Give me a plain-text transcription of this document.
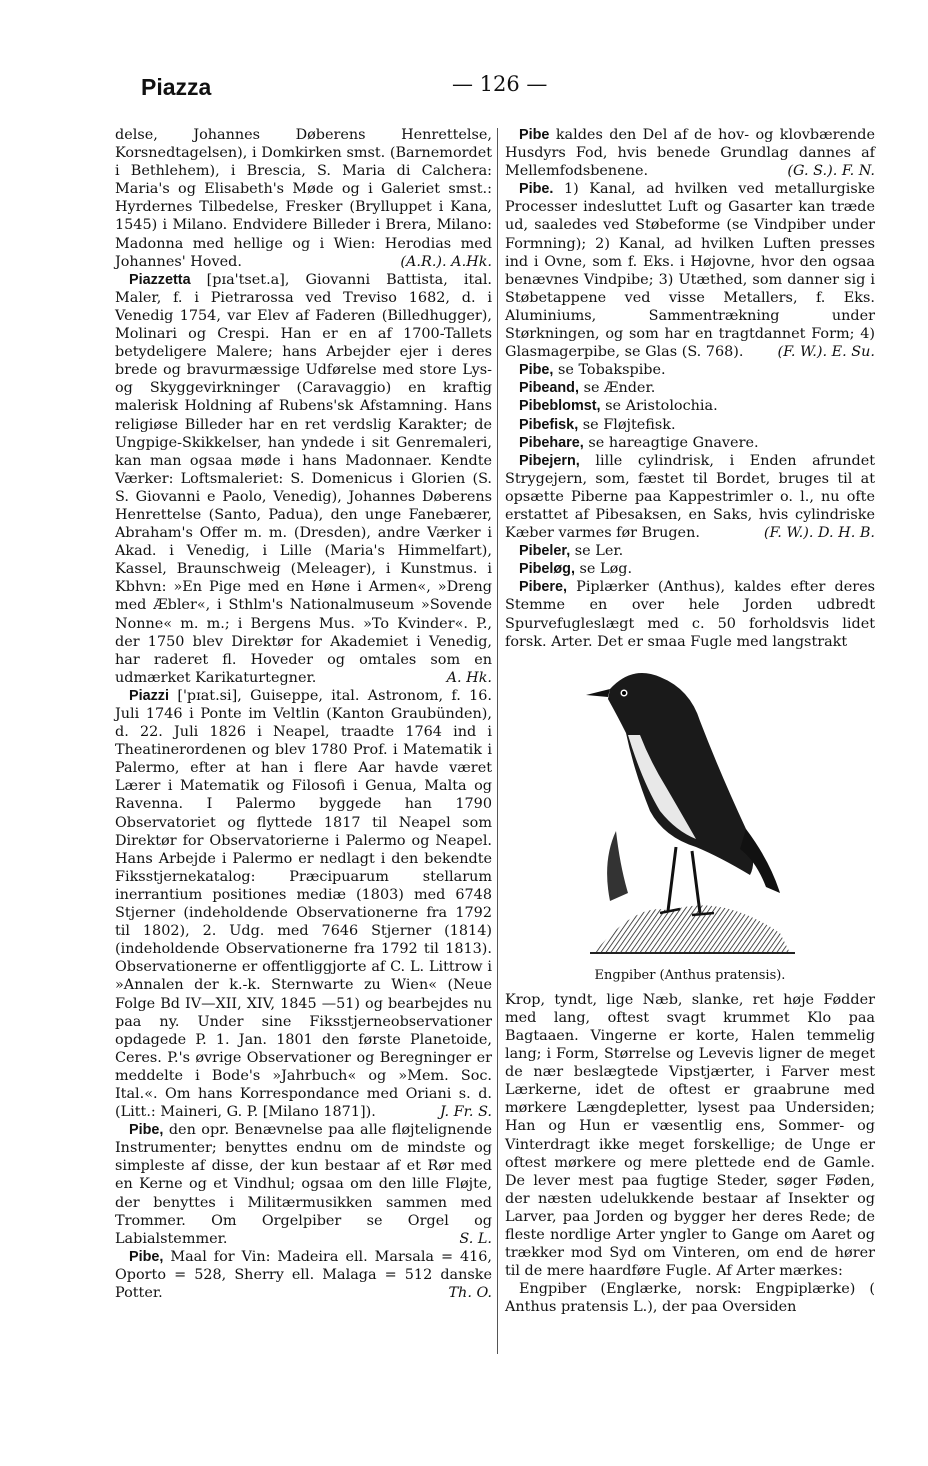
Piazza	— 126 —

delse, Johannes Døberens Henrettelse, Korsnedtagelsen), i Domkirken smst. (Barnemordet i Bethlehem), i Brescia, S. Maria di Calchera: Maria's og Elisabeth's Møde og i Galeriet smst.: Hyrdernes Tilbedelse, Fresker (Brylluppet i Kana, 1545) i Milano. Endvidere Billeder i Brera, Milano: Madonna med hellige og i Wien: Herodias med Johannes' Hoved.	(A.R.). A.Hk.

Piazzetta [pɪa'tset.a], Giovanni Battista, ital. Maler, f. i Pietrarossa ved Treviso 1682, d. i Venedig 1754, var Elev af Faderen (Billedhugger), Molinari og Crespi. Han er en af 1700-Tallets betydeligere Malere; hans Arbejder ejer i deres brede og bravurmæssige Udførelse med store Lys- og Skyggevirkninger (Caravaggio) en kraftig malerisk Holdning af Rubens'sk Afstamning. Hans religiøse Billeder har en ret verdslig Karakter; de Ungpige-Skikkelser, han yndede i sit Genremaleri, kan man ogsaa møde i hans Madonnaer. Kendte Værker: Loftsmaleriet: S. Domenicus i Glorien (S. S. Giovanni e Paolo, Venedig), Johannes Døberens Henrettelse (Santo, Padua), den unge Fanebærer, Abraham's Offer m. m. (Dresden), andre Værker i Akad. i Venedig, i Lille (Maria's Himmelfart), Kassel, Braunschweig (Meleager), i Kunstmus. i Kbhvn: »En Pige med en Høne i Armen«, »Dreng med Æbler«, i Sthlm's Nationalmuseum »Sovende Nonne« m. m.; i Bergens Mus. »To Kvinder«. P., der 1750 blev Direktør for Akademiet i Venedig, har raderet fl. Hoveder og omtales som en udmærket Karikaturtegner.	A. Hk.

Piazzi ['pɪat.si], Guiseppe, ital. Astronom, f. 16. Juli 1746 i Ponte im Veltlin (Kanton Graubünden), d. 22. Juli 1826 i Neapel, traadte 1764 ind i Theatinerordenen og blev 1780 Prof. i Matematik i Palermo, efter at han i flere Aar havde været Lærer i Matematik og Filosofi i Genua, Malta og Ravenna. I Palermo byggede han 1790 Observatoriet og flyttede 1817 til Neapel som Direktør for Observatorierne i Palermo og Neapel. Hans Arbejde i Palermo er nedlagt i den bekendte Fiksstjernekatalog: Præcipuarum stellarum inerrantium positiones mediæ (1803) med 6748 Stjerner (indeholdende Observationerne fra 1792 til 1802), 2. Udg. med 7646 Stjerner (1814) (indeholdende Observationerne fra 1792 til 1813). Observationerne er offentliggjorte af C. L. Littrow i »Annalen der k.-k. Sternwarte zu Wien« (Neue Folge Bd IV—XII, XIV, 1845 —51) og bearbejdes nu paa ny. Under sine Fiksstjerneobservationer opdagede P. 1. Jan. 1801 den første Planetoide, Ceres. P.'s øvrige Observationer og Beregninger er meddelte i Bode's »Jahrbuch« og »Mem. Soc. Ital.«. Om hans Korrespondance med Oriani s. d. (Litt.: Maineri, G. P. [Milano 1871]).	J. Fr. S.

Pibe, den opr. Benævnelse paa alle fløjtelignende Instrumenter; benyttes endnu om de mindste og simpleste af disse, der kun bestaar af et Rør med en Kerne og et Vindhul; ogsaa om den lille Fløjte, der benyttes i Militærmusikken sammen med Trommer. Om Orgelpiber se Orgel og Labialstemmer.	S. L.

Pibe, Maal for Vin: Madeira ell. Marsala = 416, Oporto = 528, Sherry ell. Malaga = 512 danske Potter.	Th. O.

Pibe kaldes den Del af de hov- og klovbærende Husdyrs Fod, hvis benede Grundlag dannes af Mellemfodsbenene.	(G. S.). F. N.

Pibe. 1) Kanal, ad hvilken ved metallurgiske Processer indesluttet Luft og Gasarter kan træde ud, saaledes ved Støbeforme (se Vindpiber under Formning); 2) Kanal, ad hvilken Luften presses ind i Ovne, som f. Eks. i Højovne, hvor den ogsaa benævnes Vindpibe; 3) Utæthed, som danner sig i Støbetappene ved visse Metallers, f. Eks. Aluminiums, Sammentrækning under Størkningen, og som har en tragtdannet Form; 4) Glasmagerpibe, se Glas (S. 768).	(F. W.). E. Su.

Pibe, se Tobakspibe.

Pibeand, se Ænder.

Pibeblomst, se Aristolochia.

Pibefisk, se Fløjtefisk.

Pibehare, se hareagtige Gnavere.

Pibejern, lille cylindrisk, i Enden afrundet Strygejern, som, fæstet til Bordet, bruges til at opsætte Piberne paa Kappestrimler o. l., nu ofte erstattet af Pibesaksen, en Saks, hvis cylindriske Kæber varmes før Brugen.	(F. W.). D. H. B.

Pibeler, se Ler.

Pibeløg, se Løg.

Pibere, Piplærker (Anthus), kaldes efter deres Stemme en over hele Jorden udbredt Spurvefuglеslægt med c. 50 forholdsvis lidet forsk. Arter. Det er smaa Fugle med langstrakt

Engpiber (Anthus pratensis).

Krop, tyndt, lige Næb, slanke, ret høje Fødder med lang, oftest svagt krummet Klo paa Bagtaaen. Vingerne er korte, Halen temmelig lang; i Form, Størrelse og Levevis ligner de meget de nær beslægtede Vipstjærter, i Farver mest Lærkerne, idet de oftest er graabrune med mørkere Længdepletter, lysest paa Undersiden; Han og Hun er væsentlig ens, Sommer- og Vinterdragt ikke meget forskellige; de Unge er oftest mørkere og mere plettede end de Gamle. De lever mest paa fugtige Steder, søger Føden, der næsten udelukkende bestaar af Insekter og Larver, paa Jorden og bygger her deres Rede; de fleste nordlige Arter yngler to Gange om Aaret og trækker mod Syd om Vinteren, om end de hører til de mere haardføre Fugle. Af Arter mærkes:

Engpiber (Englærke, norsk: Engpiplærke) ( Anthus pratensis L.), der paa Oversiden
